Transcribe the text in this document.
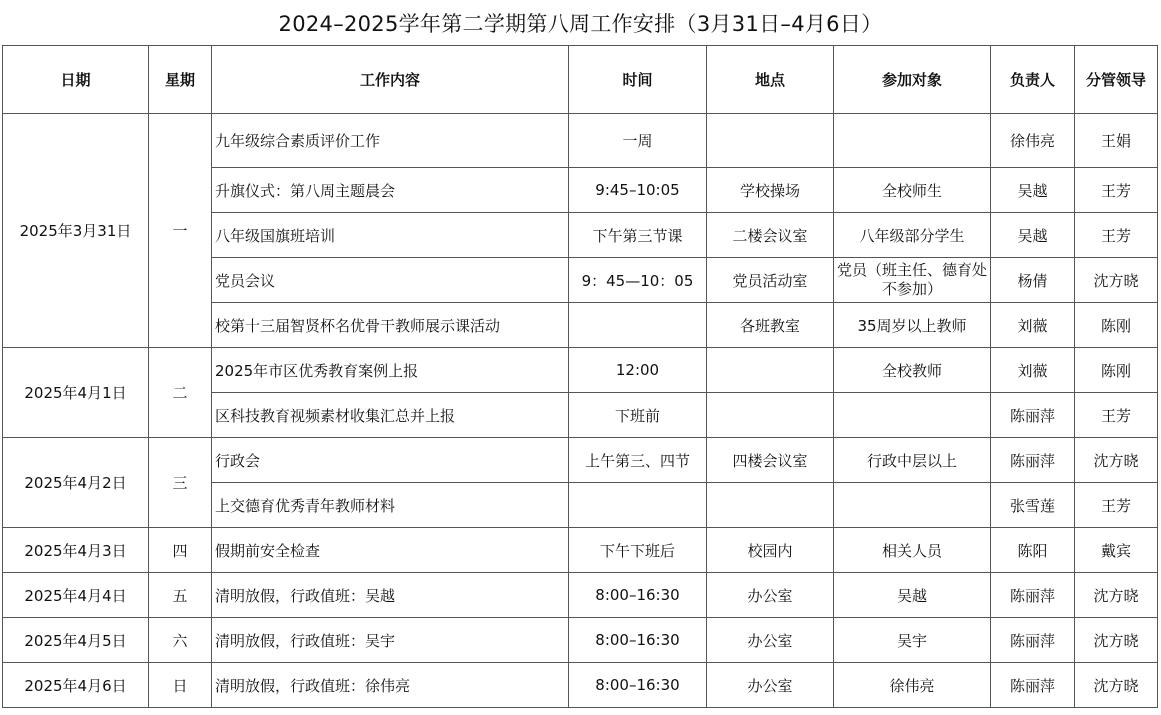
2024–2025学年第二学期第八周工作安排（3月31日–4月6日）
日期	星期	工作内容	时间	地点	参加对象	负责人	分管领导
2025年3月31日	一	九年级综合素质评价工作	一周			徐伟亮	王娟
		升旗仪式：第八周主题晨会	9:45–10:05	学校操场	全校师生	吴越	王芳
		八年级国旗班培训	下午第三节课	二楼会议室	八年级部分学生	吴越	王芳
		党员会议	9：45—10：05	党员活动室	党员（班主任、德育处不参加）	杨倩	沈方晓
		校第十三届智贤杯名优骨干教师展示课活动		各班教室	35周岁以上教师	刘薇	陈刚
2025年4月1日	二	2025年市区优秀教育案例上报	12:00		全校教师	刘薇	陈刚
		区科技教育视频素材收集汇总并上报	下班前			陈丽萍	王芳
2025年4月2日	三	行政会	上午第三、四节	四楼会议室	行政中层以上	陈丽萍	沈方晓
		上交德育优秀青年教师材料				张雪莲	王芳
2025年4月3日	四	假期前安全检查	下午下班后	校园内	相关人员	陈阳	戴宾
2025年4月4日	五	清明放假，行政值班：吴越	8:00–16:30	办公室	吴越	陈丽萍	沈方晓
2025年4月5日	六	清明放假，行政值班：吴宇	8:00–16:30	办公室	吴宇	陈丽萍	沈方晓
2025年4月6日	日	清明放假，行政值班：徐伟亮	8:00–16:30	办公室	徐伟亮	陈丽萍	沈方晓
